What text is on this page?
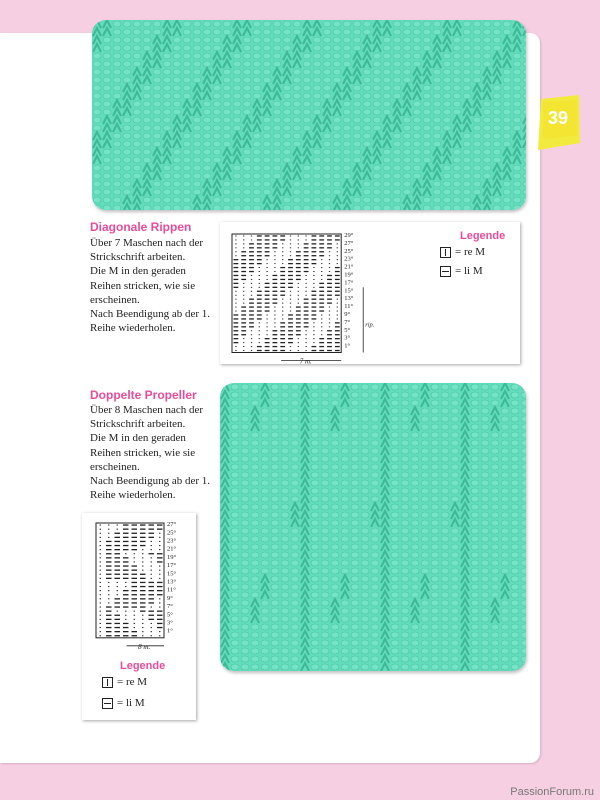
39
Diagonale Rippen
Über 7 Maschen nach der
Strickschrift arbeiten.
Die M in den geraden
Reihen stricken, wie sie
erscheinen.
Nach Beendigung ab der 1.
Reihe wiederholen.
29°
27°
25°
23°
21°
19°
17°
15°
13°
11°
9°
7°
5°
3°
1°
7 m.
rip.
Legende
= re M
= li M
Doppelte Propeller
Über 8 Maschen nach der
Strickschrift arbeiten.
Die M in den geraden
Reihen stricken, wie sie
erscheinen.
Nach Beendigung ab der 1.
Reihe wiederholen.
27°
25°
23°
21°
19°
17°
15°
13°
11°
9°
7°
5°
3°
1°
8 m.
Legende
= re M
= li M
PassionForum.ru
